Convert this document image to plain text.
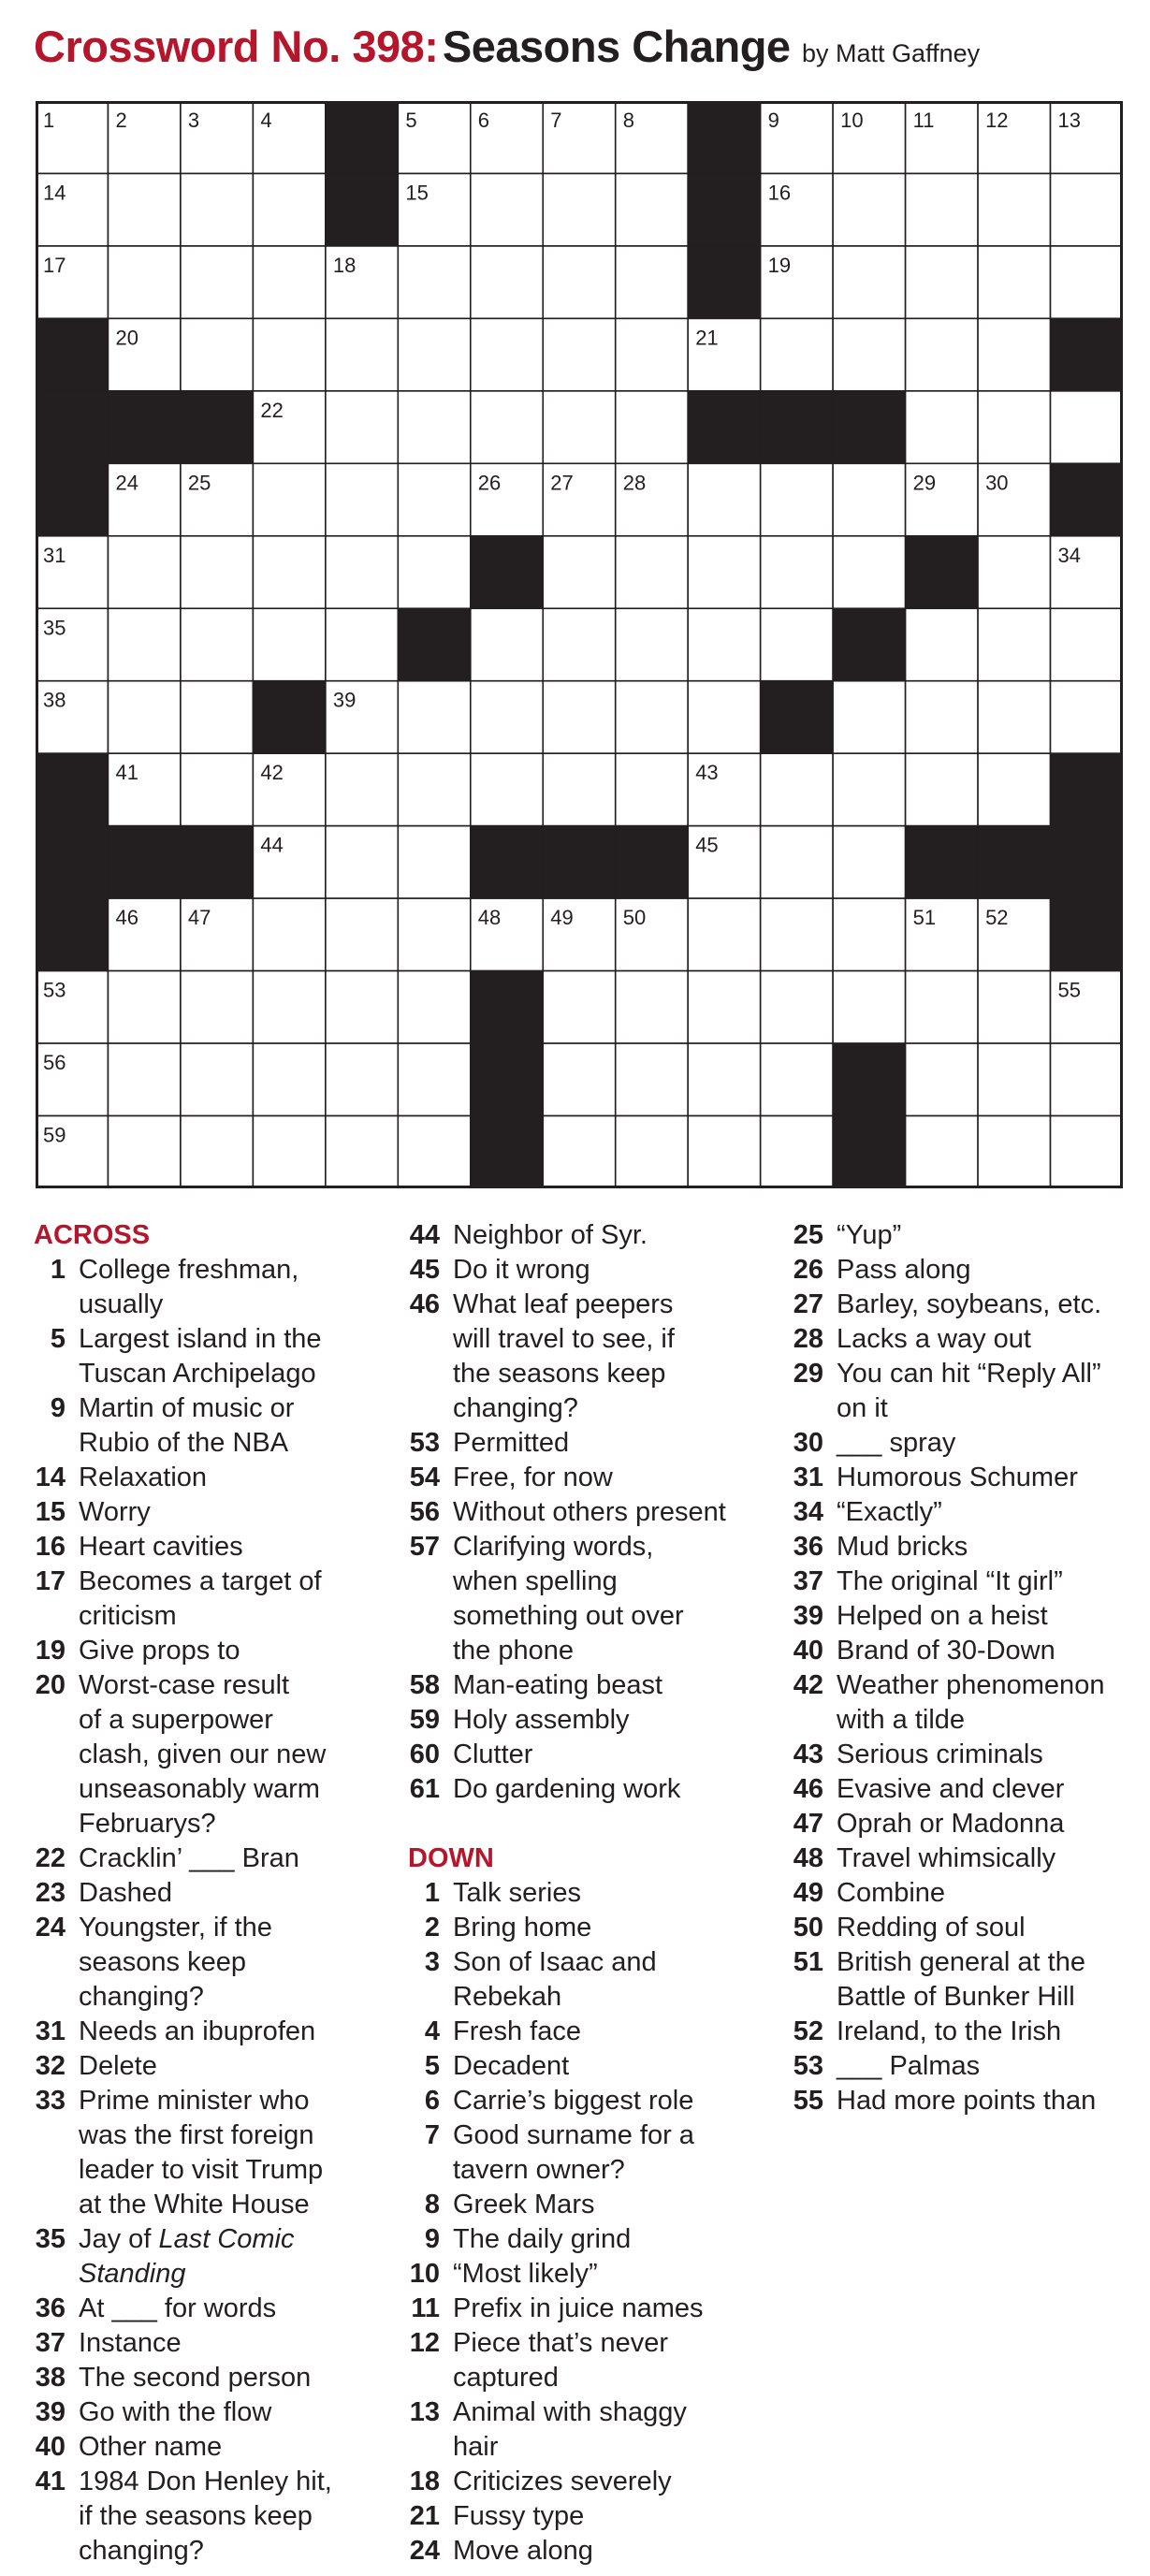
Crossword No. 398: Seasons Change by Matt Gaffney
1	2	3	4	5	6	7	8	9	10 11 12 13
14	15	16
17	18	19
20	21
22	23
24 25	26 27 28	29 30
31	32	33	34
35	36	37
38	39	40
41	42	43
44	45
46 47	48 49 50	51 52
53	54	55
56	57	58
59	60	61
ACROSS
1 College freshman,
usually
5 Largest island in the
Tuscan Archipelago
9 Martin of music or
Rubio of the NBA
14 Relaxation
15 Worry
16 Heart cavities
17 Becomes a target of
criticism
19 Give props to
20 Worst-case result
of a superpower
clash, given our new
unseasonably warm
Februarys?
22 Cracklin’ ___ Bran
23 Dashed
24 Youngster, if the
seasons keep
changing?
31 Needs an ibuprofen
32 Delete
33 Prime minister who
was the first foreign
leader to visit Trump
at the White House
35 Jay of Last Comic
Standing
36 At ___ for words
37 Instance
38 The second person
39 Go with the flow
40 Other name
41 1984 Don Henley hit,
if the seasons keep
changing?
44 Neighbor of Syr.
45 Do it wrong
46 What leaf peepers
will travel to see, if
the seasons keep
changing?
53 Permitted
54 Free, for now
56 Without others present
57 Clarifying words,
when spelling
something out over
the phone
58 Man-eating beast
59 Holy assembly
60 Clutter
61 Do gardening work
DOWN
1 Talk series
2 Bring home
3 Son of Isaac and
Rebekah
4 Fresh face
5 Decadent
6 Carrie’s biggest role
7 Good surname for a
tavern owner?
8 Greek Mars
9 The daily grind
10 “Most likely”
11 Prefix in juice names
12 Piece that’s never
captured
13 Animal with shaggy
hair
18 Criticizes severely
21 Fussy type
24 Move along
25 “Yup”
26 Pass along
27 Barley, soybeans, etc.
28 Lacks a way out
29 You can hit “Reply All”
on it
30 ___ spray
31 Humorous Schumer
34 “Exactly”
36 Mud bricks
37 The original “It girl”
39 Helped on a heist
40 Brand of 30-Down
42 Weather phenomenon
with a tilde
43 Serious criminals
46 Evasive and clever
47 Oprah or Madonna
48 Travel whimsically
49 Combine
50 Redding of soul
51 British general at the
Battle of Bunker Hill
52 Ireland, to the Irish
53 ___ Palmas
55 Had more points than
